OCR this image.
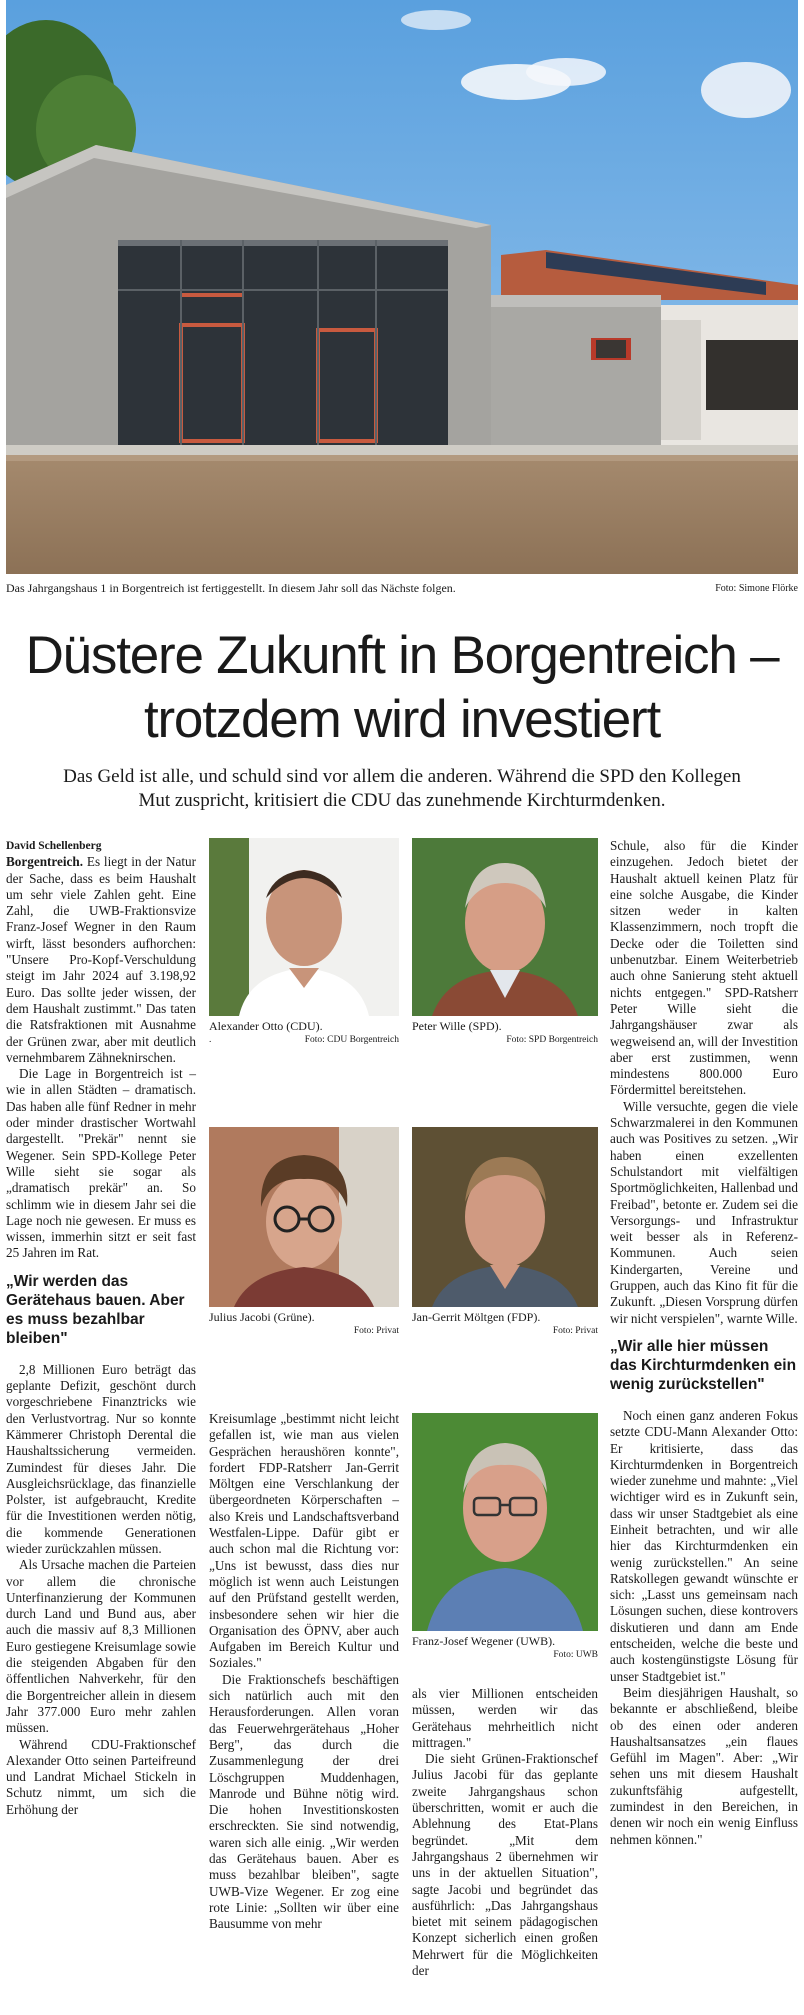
Das Jahrgangshaus 1 in Borgentreich ist fertiggestellt. In diesem Jahr soll das Nächste folgen.	Foto: Simone Flörke
Düstere Zukunft in Borgentreich –
trotzdem wird investiert
Das Geld ist alle, und schuld sind vor allem die anderen. Während die SPD den Kollegen
Mut zuspricht, kritisiert die CDU das zunehmende Kirchturmdenken.

David Schellenberg

Borgentreich. Es liegt in der Natur der Sache, dass es beim Haushalt um sehr viele Zahlen geht. Eine Zahl, die UWB-Fraktionsvize Franz-Josef Wegner in den Raum wirft, lässt besonders aufhorchen: "Unsere Pro-Kopf-Verschuldung steigt im Jahr 2024 auf 3.198,92 Euro. Das sollte jeder wissen, der dem Haushalt zustimmt." Das taten die Ratsfraktionen mit Ausnahme der Grünen zwar, aber mit deutlich vernehmbarem Zähneknirschen.

Die Lage in Borgentreich ist – wie in allen Städten – dramatisch. Das haben alle fünf Redner in mehr oder minder drastischer Wortwahl dargestellt. "Prekär" nennt sie Wegener. Sein SPD-Kollege Peter Wille sieht sie sogar als „dramatisch prekär" an. So schlimm wie in diesem Jahr sei die Lage noch nie gewesen. Er muss es wissen, immerhin sitzt er seit fast 25 Jahren im Rat.

„Wir werden das Gerätehaus bauen. Aber es muss bezahlbar bleiben"

2,8 Millionen Euro beträgt das geplante Defizit, geschönt durch vorgeschriebene Finanztricks wie den Verlustvortrag. Nur so konnte Kämmerer Christoph Derental die Haushaltssicherung vermeiden. Zumindest für dieses Jahr. Die Ausgleichsrücklage, das finanzielle Polster, ist aufgebraucht, Kredite für die Investitionen werden nötig, die kommende Generationen wieder zurückzahlen müssen.

Als Ursache machen die Parteien vor allem die chronische Unterfinanzierung der Kommunen durch Land und Bund aus, aber auch die massiv auf 8,3 Millionen Euro gestiegene Kreisumlage sowie die steigenden Abgaben für den öffentlichen Nahverkehr, für den die Borgentreicher allein in diesem Jahr 377.000 Euro mehr zahlen müssen.

Während CDU-Fraktionschef Alexander Otto seinen Parteifreund und Landrat Michael Stickeln in Schutz nimmt, um sich die Erhöhung der

Alexander Otto (CDU).
.	Foto: CDU Borgentreich
Peter Wille (SPD).
Foto: SPD Borgentreich
Julius Jacobi (Grüne).
Foto: Privat
Jan-Gerrit Möltgen (FDP).
Foto: Privat

Kreisumlage „bestimmt nicht leicht gefallen ist, wie man aus vielen Gesprächen heraushören konnte", fordert FDP-Ratsherr Jan-Gerrit Möltgen eine Verschlankung der übergeordneten Körperschaften – also Kreis und Landschaftsverband Westfalen-Lippe. Dafür gibt er auch schon mal die Richtung vor: „Uns ist bewusst, dass dies nur möglich ist wenn auch Leistungen auf den Prüfstand gestellt werden, insbesondere sehen wir hier die Organisation des ÖPNV, aber auch Aufgaben im Bereich Kultur und Soziales."

Die Fraktionschefs beschäftigen sich natürlich auch mit den Herausforderungen. Allen voran das Feuerwehrgerätehaus „Hoher Berg", das durch die Zusammenlegung der drei Löschgruppen Muddenhagen, Manrode und Bühne nötig wird. Die hohen Investitionskosten erschreckten. Sie sind notwendig, waren sich alle einig. „Wir werden das Gerätehaus bauen. Aber es muss bezahlbar bleiben", sagte UWB-Vize Wegener. Er zog eine rote Linie: „Sollten wir über eine Bausumme von mehr

Franz-Josef Wegener (UWB).
Foto: UWB

als vier Millionen entscheiden müssen, werden wir das Gerätehaus mehrheitlich nicht mittragen."

Die sieht Grünen-Fraktionschef Julius Jacobi für das geplante zweite Jahrgangshaus schon überschritten, womit er auch die Ablehnung des Etat-Plans begründet. „Mit dem Jahrgangshaus 2 übernehmen wir uns in der aktuellen Situation", sagte Jacobi und begründet das ausführlich: „Das Jahrgangshaus bietet mit seinem pädagogischen Konzept sicherlich einen großen Mehrwert für die Möglichkeiten der

Schule, also für die Kinder einzugehen. Jedoch bietet der Haushalt aktuell keinen Platz für eine solche Ausgabe, die Kinder sitzen weder in kalten Klassenzimmern, noch tropft die Decke oder die Toiletten sind unbenutzbar. Einem Weiterbetrieb auch ohne Sanierung steht aktuell nichts entgegen." SPD-Ratsherr Peter Wille sieht die Jahrgangshäuser zwar als wegweisend an, will der Investition aber erst zustimmen, wenn mindestens 800.000 Euro Fördermittel bereitstehen.

Wille versuchte, gegen die viele Schwarzmalerei in den Kommunen auch was Positives zu setzen. „Wir haben einen exzellenten Schulstandort mit vielfältigen Sportmöglichkeiten, Hallenbad und Freibad", betonte er. Zudem sei die Versorgungs- und Infrastruktur weit besser als in Referenz-Kommunen. Auch seien Kindergarten, Vereine und Gruppen, auch das Kino fit für die Zukunft. „Diesen Vorsprung dürfen wir nicht verspielen", warnte Wille.

„Wir alle hier müssen das Kirchturmdenken ein wenig zurückstellen"

Noch einen ganz anderen Fokus setzte CDU-Mann Alexander Otto: Er kritisierte, dass das Kirchturmdenken in Borgentreich wieder zunehme und mahnte: „Viel wichtiger wird es in Zukunft sein, dass wir unser Stadtgebiet als eine Einheit betrachten, und wir alle hier das Kirchturmdenken ein wenig zurückstellen." An seine Ratskollegen gewandt wünschte er sich: „Lasst uns gemeinsam nach Lösungen suchen, diese kontrovers diskutieren und dann am Ende entscheiden, welche die beste und auch kostengünstigste Lösung für unser Stadtgebiet ist."

Beim diesjährigen Haushalt, so bekannte er abschließend, bleibe ob des einen oder anderen Haushaltsansatzes „ein flaues Gefühl im Magen". Aber: „Wir sehen uns mit diesem Haushalt zukunftsfähig aufgestellt, zumindest in den Bereichen, in denen wir noch ein wenig Einfluss nehmen können."
